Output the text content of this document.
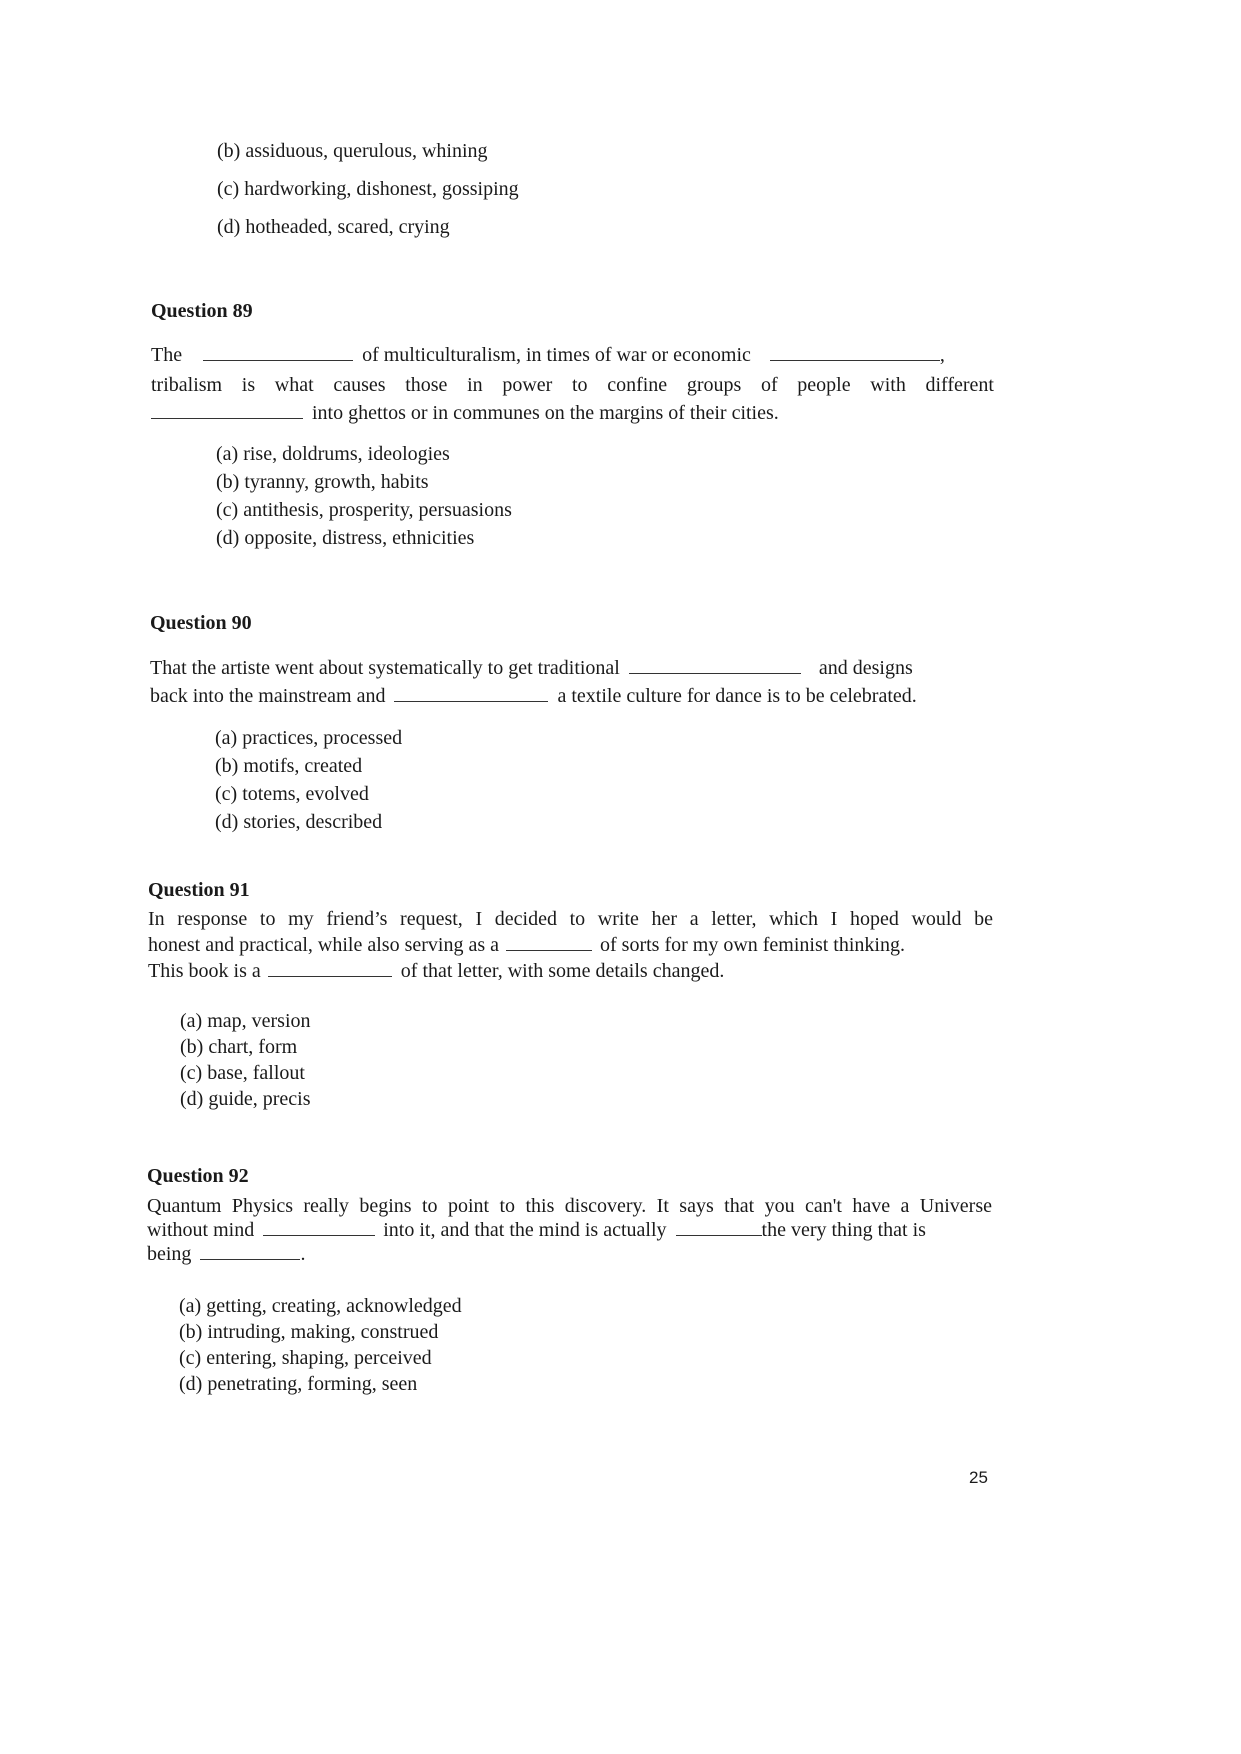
(b) assiduous, querulous, whining
(c) hardworking, dishonest, gossiping
(d) hotheaded, scared, crying
Question 89
The	of multiculturalism, in times of war or economic	,
tribalism is what causes those in power to confine groups of people with different
into ghettos or in communes on the margins of their cities.
(a) rise, doldrums, ideologies
(b) tyranny, growth, habits
(c) antithesis, prosperity, persuasions
(d) opposite, distress, ethnicities
Question 90
That the artiste went about systematically to get traditional	and designs
back into the mainstream and	a textile culture for dance is to be celebrated.
(a) practices, processed
(b) motifs, created
(c) totems, evolved
(d) stories, described
Question 91
In response to my friend’s request, I decided to write her a letter, which I hoped would be
honest and practical, while also serving as a	of sorts for my own feminist thinking.
This book is a	of that letter, with some details changed.
(a) map, version
(b) chart, form
(c) base, fallout
(d) guide, precis
Question 92
Quantum Physics really begins to point to this discovery. It says that you can't have a Universe
without mind	into it, and that the mind is actually	the very thing that is
being	.
(a) getting, creating, acknowledged
(b) intruding, making, construed
(c) entering, shaping, perceived
(d) penetrating, forming, seen
25
